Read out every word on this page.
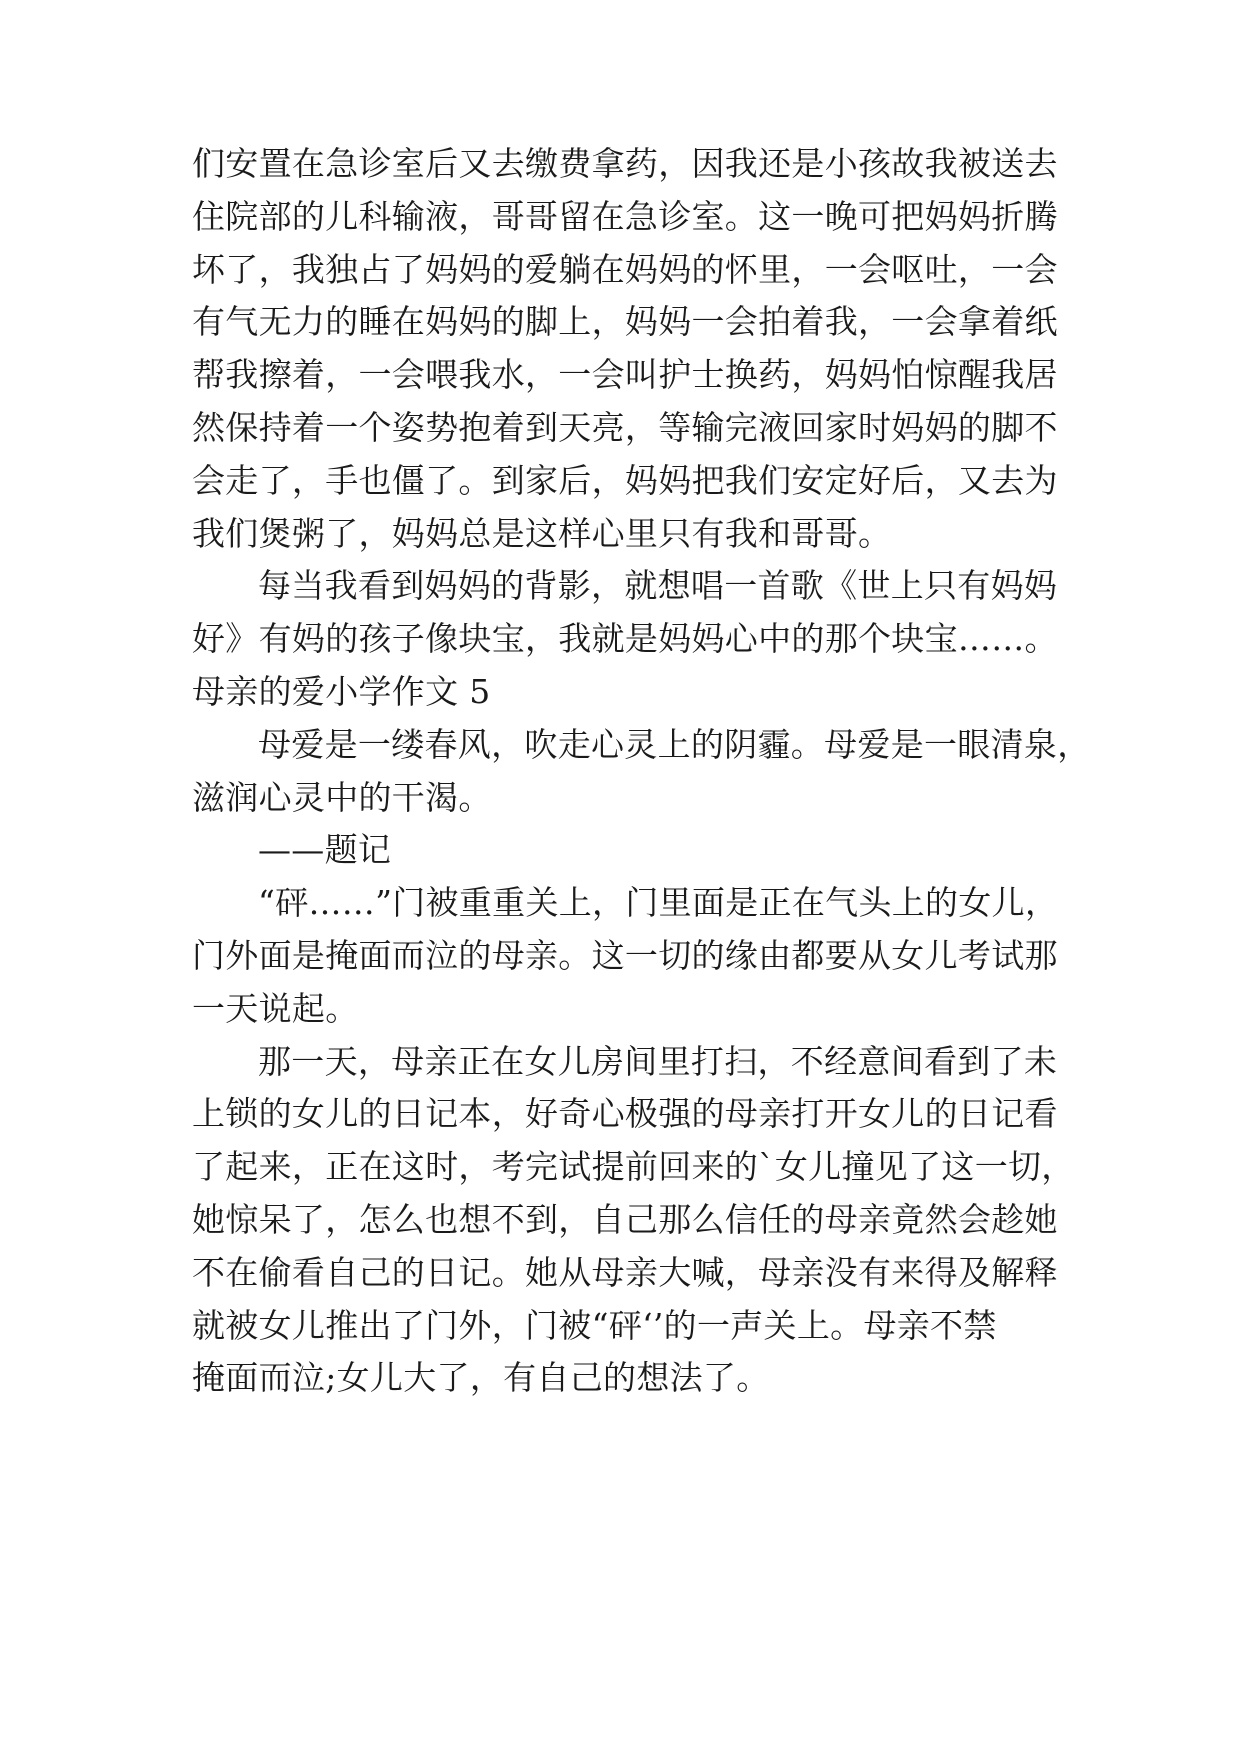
们安置在急诊室后又去缴费拿药，因我还是小孩故我被送去
住院部的儿科输液，哥哥留在急诊室。这一晚可把妈妈折腾
坏了，我独占了妈妈的爱躺在妈妈的怀里，一会呕吐，一会
有气无力的睡在妈妈的脚上，妈妈一会拍着我，一会拿着纸
帮我擦着，一会喂我水，一会叫护士换药，妈妈怕惊醒我居
然保持着一个姿势抱着到天亮，等输完液回家时妈妈的脚不
会走了，手也僵了。到家后，妈妈把我们安定好后，又去为
我们煲粥了，妈妈总是这样心里只有我和哥哥。
每当我看到妈妈的背影，就想唱一首歌《世上只有妈妈
好》有妈的孩子像块宝，我就是妈妈心中的那个块宝……。
母亲的爱小学作文 5
母爱是一缕春风，吹走心灵上的阴霾。母爱是一眼清泉，
滋润心灵中的干渴。
——题记
“砰……”门被重重关上，门里面是正在气头上的女儿，
门外面是掩面而泣的母亲。这一切的缘由都要从女儿考试那
一天说起。
那一天，母亲正在女儿房间里打扫，不经意间看到了未
上锁的女儿的日记本，好奇心极强的母亲打开女儿的日记看
了起来，正在这时，考完试提前回来的`女儿撞见了这一切，
她惊呆了，怎么也想不到，自己那么信任的母亲竟然会趁她
不在偷看自己的日记。她从母亲大喊，母亲没有来得及解释
就被女儿推出了门外，门被“砰‘’的一声关上。母亲不禁
掩面而泣;女儿大了，有自己的想法了。
